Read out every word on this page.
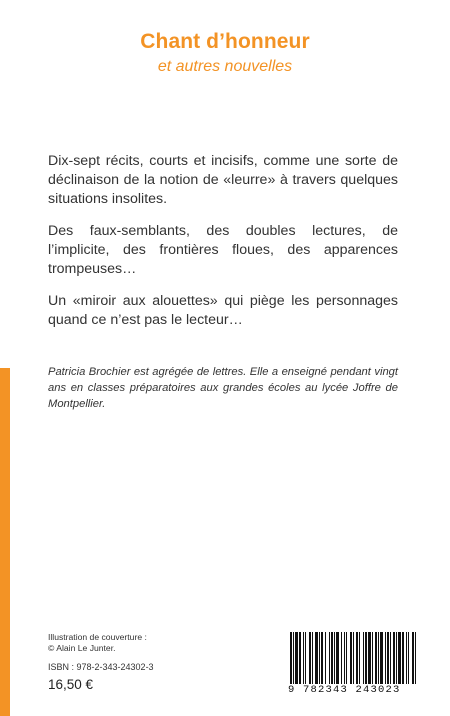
Chant d’honneur
et autres nouvelles

Dix-sept récits, courts et incisifs, comme une sorte de déclinaison de la notion de «leurre» à travers quelques situations insolites.

Des faux-semblants, des doubles lectures, de l’implicite, des frontières floues, des apparences trompeuses…

Un «miroir aux alouettes» qui piège les personnages quand ce n’est pas le lecteur…

Patricia Brochier est agrégée de lettres. Elle a enseigné pendant vingt ans en classes préparatoires aux grandes écoles au lycée Joffre de Montpellier.
Illustration de couverture :
© Alain Le Junter.
ISBN : 978-2-343-24302-3
16,50 €	9 782343 243023
